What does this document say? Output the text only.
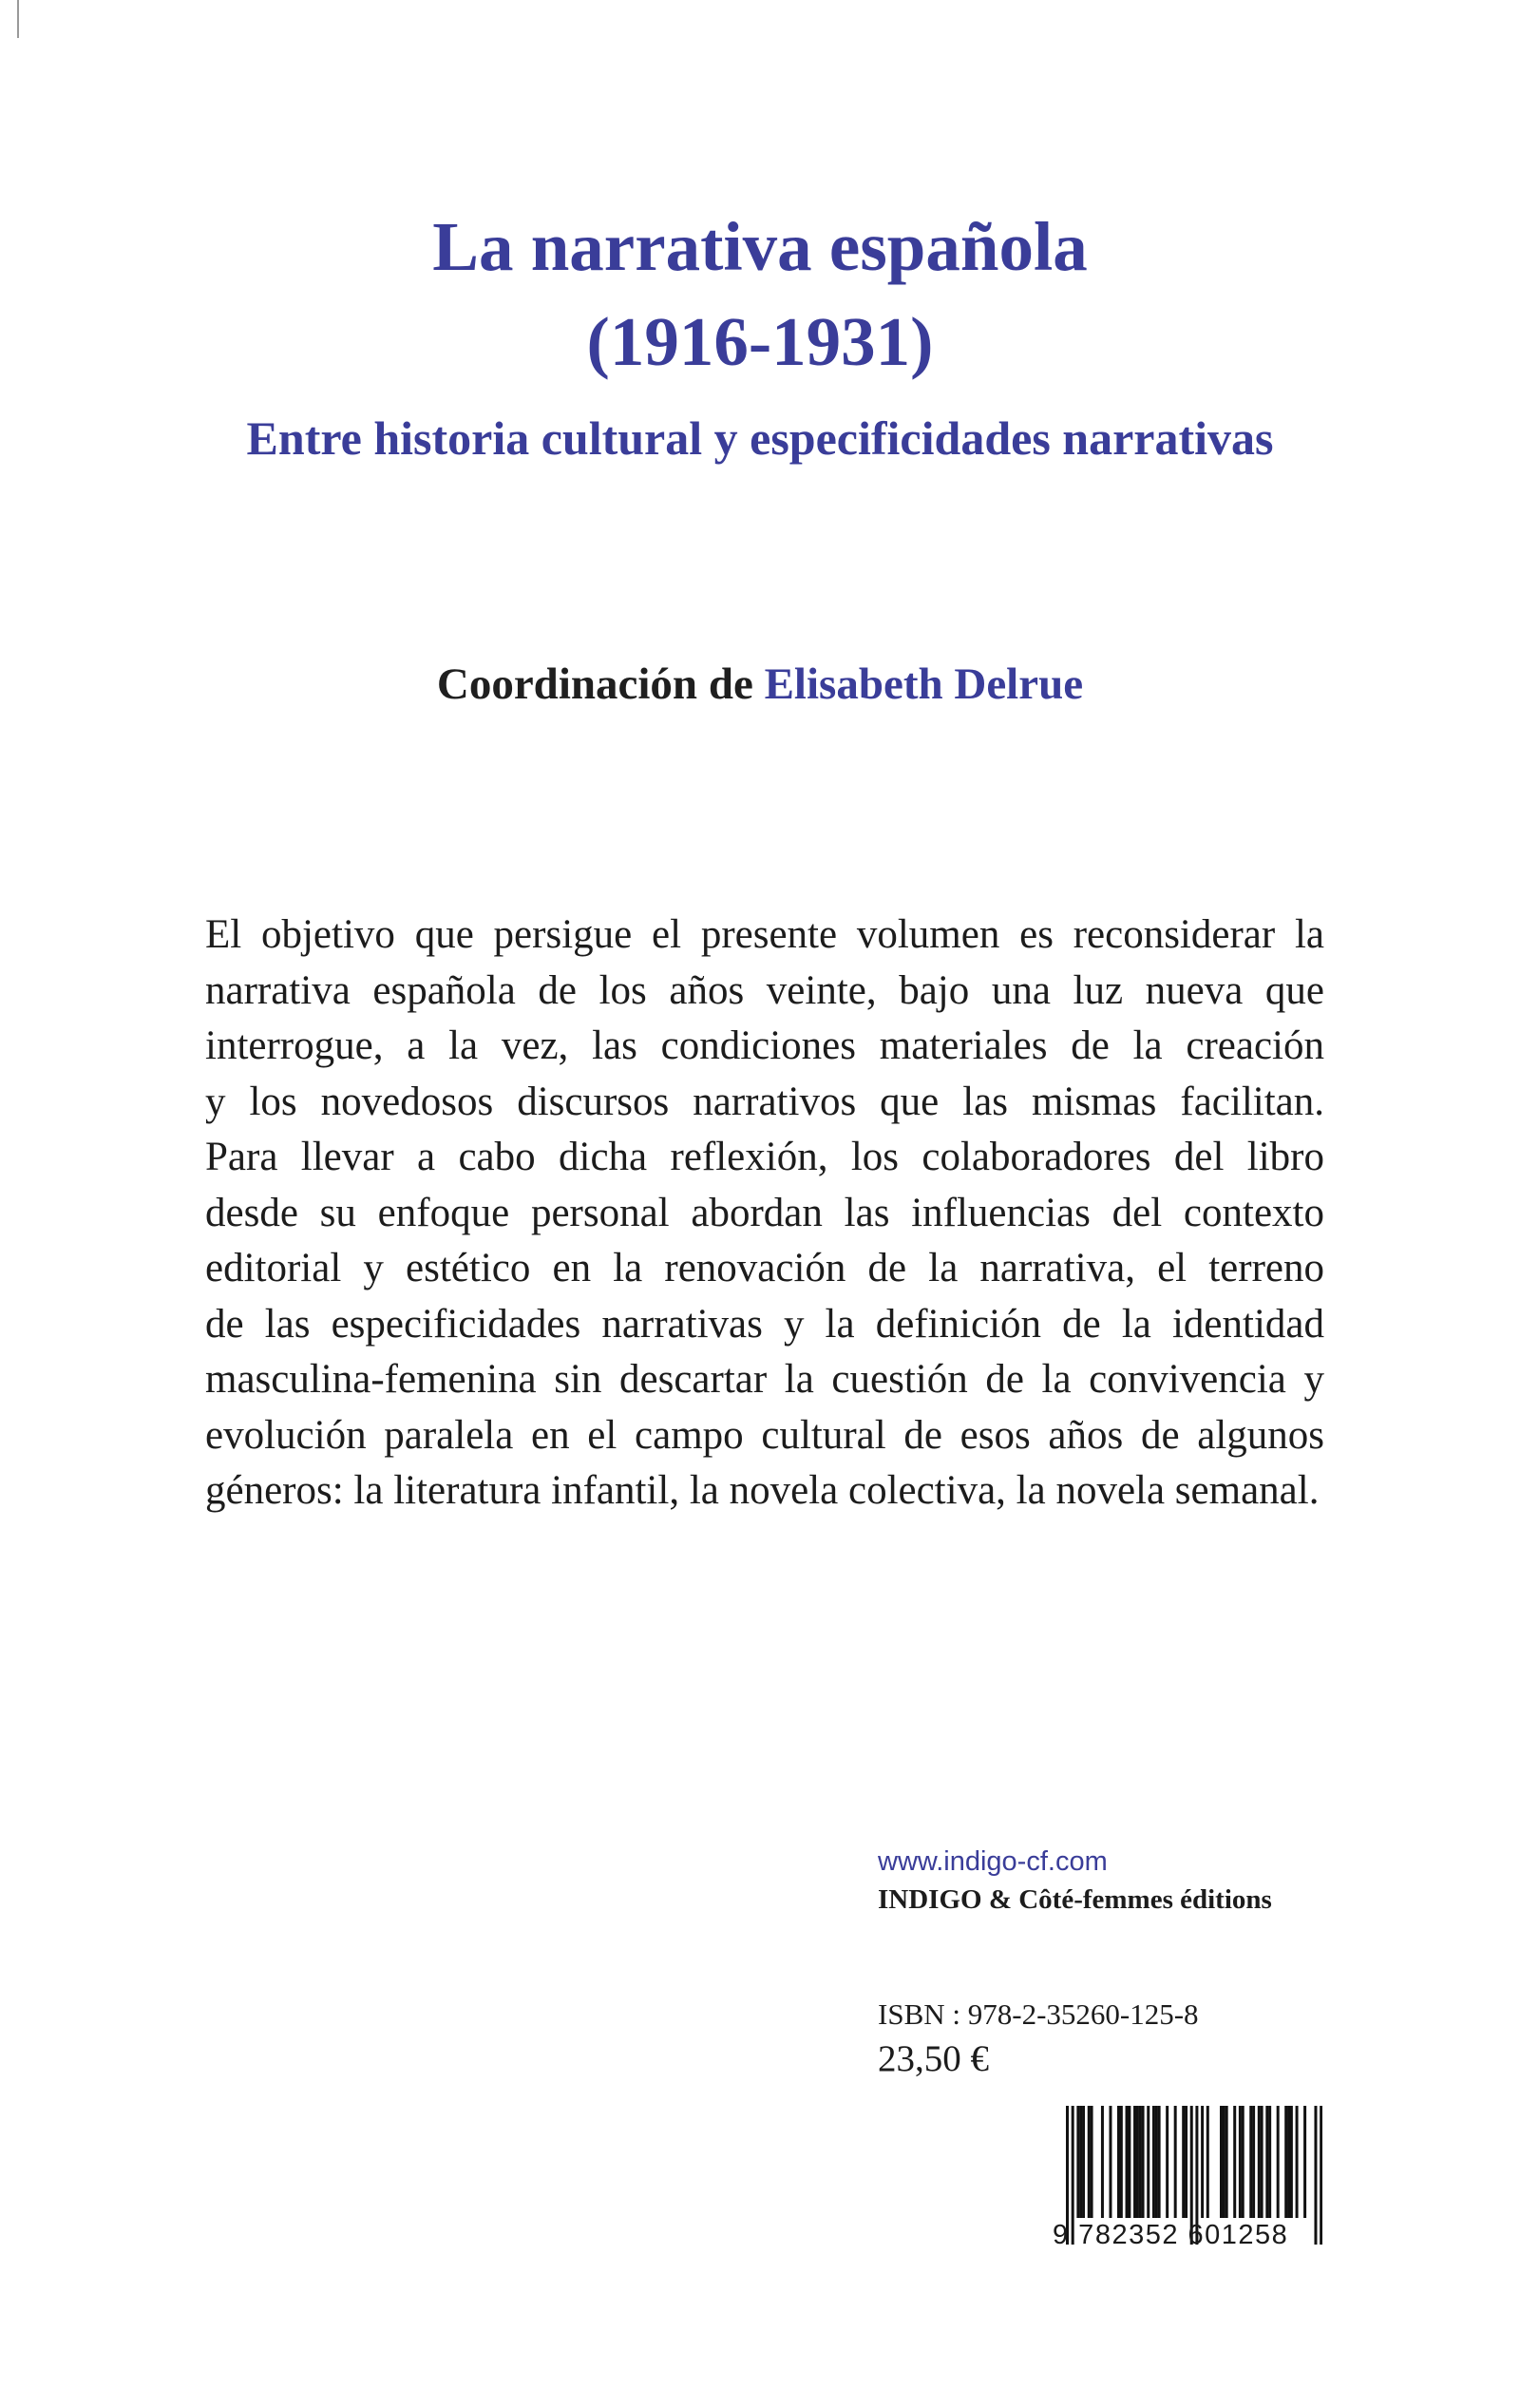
La narrativa española
(1916-1931)
Entre historia cultural y especificidades narrativas
Coordinación de Elisabeth Delrue
El objetivo que persigue el presente volumen es reconsiderar la
narrativa española de los años veinte, bajo una luz nueva que
interrogue, a la vez, las condiciones materiales de la creación
y los novedosos discursos narrativos que las mismas facilitan.
Para llevar a cabo dicha reflexión, los colaboradores del libro
desde su enfoque personal abordan las influencias del contexto
editorial y estético en la renovación de la narrativa, el terreno
de las especificidades narrativas y la definición de la identidad
masculina-femenina sin descartar la cuestión de la convivencia y
evolución paralela en el campo cultural de esos años de algunos
géneros: la literatura infantil, la novela colectiva, la novela semanal.
www.indigo-cf.com
INDIGO & Côté-femmes éditions
ISBN : 978-2-35260-125-8
23,50 €
9 782352 601258
